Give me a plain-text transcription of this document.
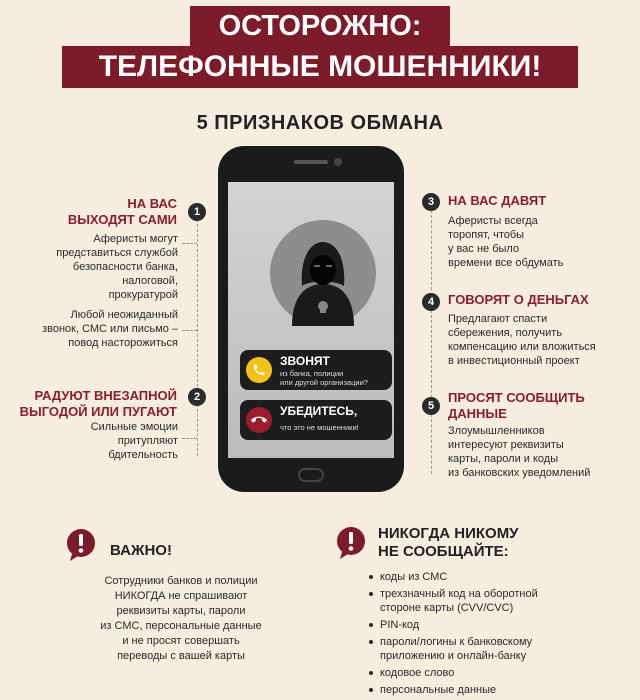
ОСТОРОЖНО:
ТЕЛЕФОННЫЕ МОШЕННИКИ!
5 ПРИЗНАКОВ ОБМАНА
1
НА ВАС
ВЫХОДЯТ САМИ
Аферисты могут
представиться службой
безопасности банка,
налоговой,
прокуратурой
Любой неожиданный
звонок, СМС или письмо –
повод насторожиться
2
РАДУЮТ ВНЕЗАПНОЙ
ВЫГОДОЙ ИЛИ ПУГАЮТ
Сильные эмоции
притупляют
бдительность
3	НА ВАС ДАВЯТ
Аферисты всегда
торопят, чтобы
у вас не было
времени все обдумать
4	ГОВОРЯТ О ДЕНЬГАХ
Предлагают спасти
сбережения, получить
компенсацию или вложиться
в инвестиционный проект
5
ПРОСЯТ СООБЩИТЬ
ДАННЫЕ
Злоумышленников
интересуют реквизиты
карты, пароли и коды
из банковских уведомлений
ЗВОНЯТ
из банка, полиции
или другой организации?
УБЕДИТЕСЬ,
что это не мошенники!
ВАЖНО!
Сотрудники банков и полиции
НИКОГДА не спрашивают
реквизиты карты, пароли
из СМС, персональные данные
и не просят совершать
переводы с вашей карты
НИКОГДА НИКОМУ
НЕ СООБЩАЙТЕ:
коды из СМС
трехзначный код на оборотной
стороне карты (CVV/CVC)
PIN-код
пароли/логины к банковскому
приложению и онлайн-банку
кодовое слово
персональные данные
